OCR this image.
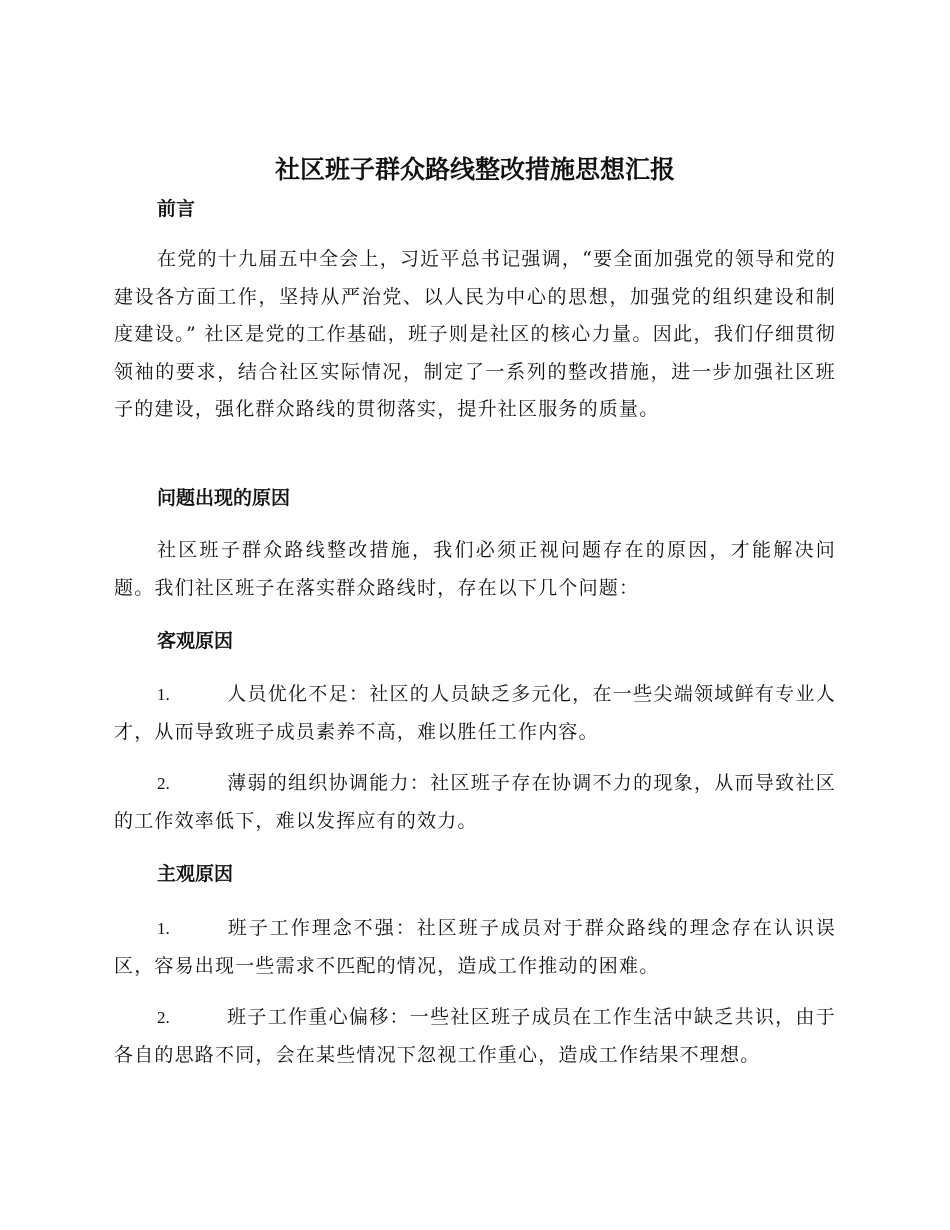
社区班子群众路线整改措施思想汇报
前言

在党的十九届五中全会上，习近平总书记强调，“要全面加强党的领导和党的建设各方面工作，坚持从严治党、以人民为中心的思想，加强党的组织建设和制度建设。” 社区是党的工作基础，班子则是社区的核心力量。因此，我们仔细贯彻领袖的要求，结合社区实际情况，制定了一系列的整改措施，进一步加强社区班子的建设，强化群众路线的贯彻落实，提升社区服务的质量。

问题出现的原因

社区班子群众路线整改措施，我们必须正视问题存在的原因，才能解决问题。我们社区班子在落实群众路线时，存在以下几个问题：

客观原因

1.	人员优化不足：社区的人员缺乏多元化，在一些尖端领域鲜有专业人才，从而导致班子成员素养不高，难以胜任工作内容。

2.	薄弱的组织协调能力：社区班子存在协调不力的现象，从而导致社区的工作效率低下，难以发挥应有的效力。

主观原因

1.	班子工作理念不强：社区班子成员对于群众路线的理念存在认识误区，容易出现一些需求不匹配的情况，造成工作推动的困难。

2.	班子工作重心偏移：一些社区班子成员在工作生活中缺乏共识，由于各自的思路不同，会在某些情况下忽视工作重心，造成工作结果不理想。
